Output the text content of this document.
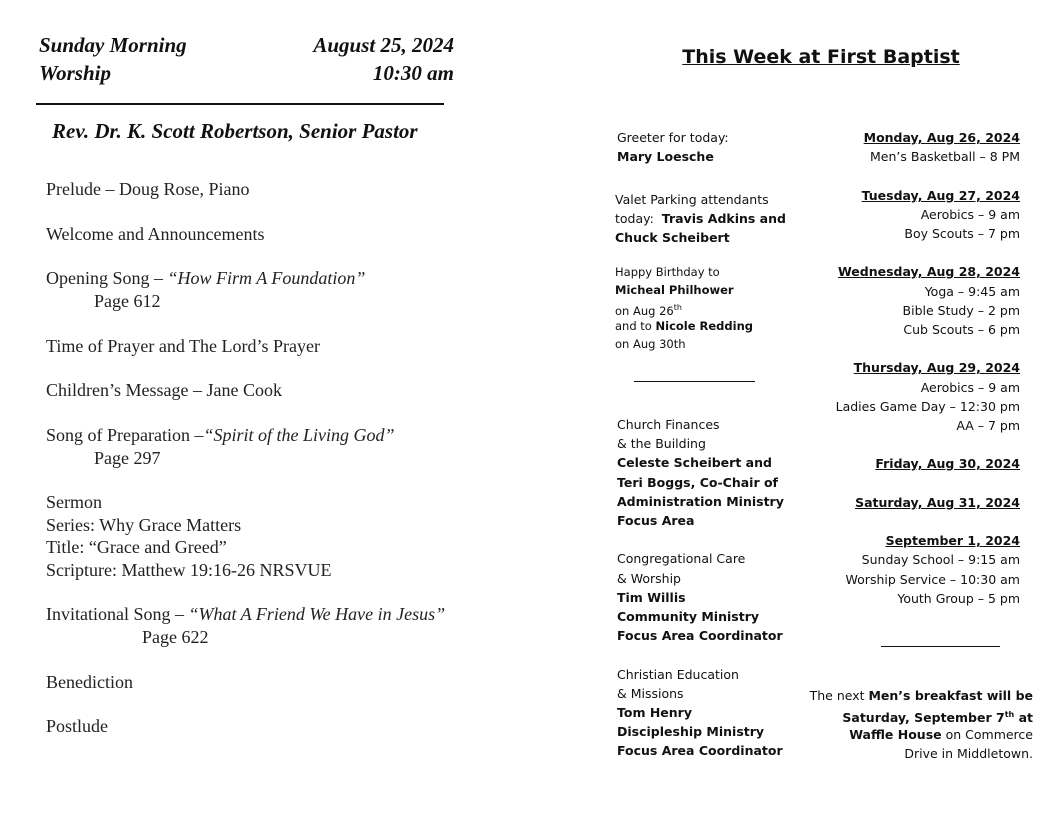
Sunday Morning
Worship
August 25, 2024
10:30 am
Rev. Dr. K. Scott Robertson, Senior Pastor
Prelude – Doug Rose, Piano
Welcome and Announcements
Opening Song – “How Firm A Foundation”
Page 612
Time of Prayer and The Lord’s Prayer
Children’s Message – Jane Cook
Song of Preparation –“Spirit of the Living God”
Page 297
Sermon
Series: Why Grace Matters
Title: “Grace and Greed”
Scripture: Matthew 19:16-26 NRSVUE
Invitational Song – “What A Friend We Have in Jesus”
Page 622
Benediction
Postlude
This Week at First Baptist
Greeter for today:
Mary Loesche
Valet Parking attendants
today: Travis Adkins and
Chuck Scheibert
Happy Birthday to
Micheal Philhower
on Aug 26th
and to Nicole Redding
on Aug 30th
Church Finances
& the Building
Celeste Scheibert and
Teri Boggs, Co-Chair of
Administration Ministry
Focus Area
Congregational Care
& Worship
Tim Willis
Community Ministry
Focus Area Coordinator
Christian Education
& Missions
Tom Henry
Discipleship Ministry
Focus Area Coordinator
Monday, Aug 26, 2024
Men’s Basketball – 8 PM
Tuesday, Aug 27, 2024
Aerobics – 9 am
Boy Scouts – 7 pm
Wednesday, Aug 28, 2024
Yoga – 9:45 am
Bible Study – 2 pm
Cub Scouts – 6 pm
Thursday, Aug 29, 2024
Aerobics – 9 am
Ladies Game Day – 12:30 pm
AA – 7 pm
Friday, Aug 30, 2024
Saturday, Aug 31, 2024
September 1, 2024
Sunday School – 9:15 am
Worship Service – 10:30 am
Youth Group – 5 pm
The next Men’s breakfast will be
Saturday, September 7th at
Waffle House on Commerce
Drive in Middletown.
